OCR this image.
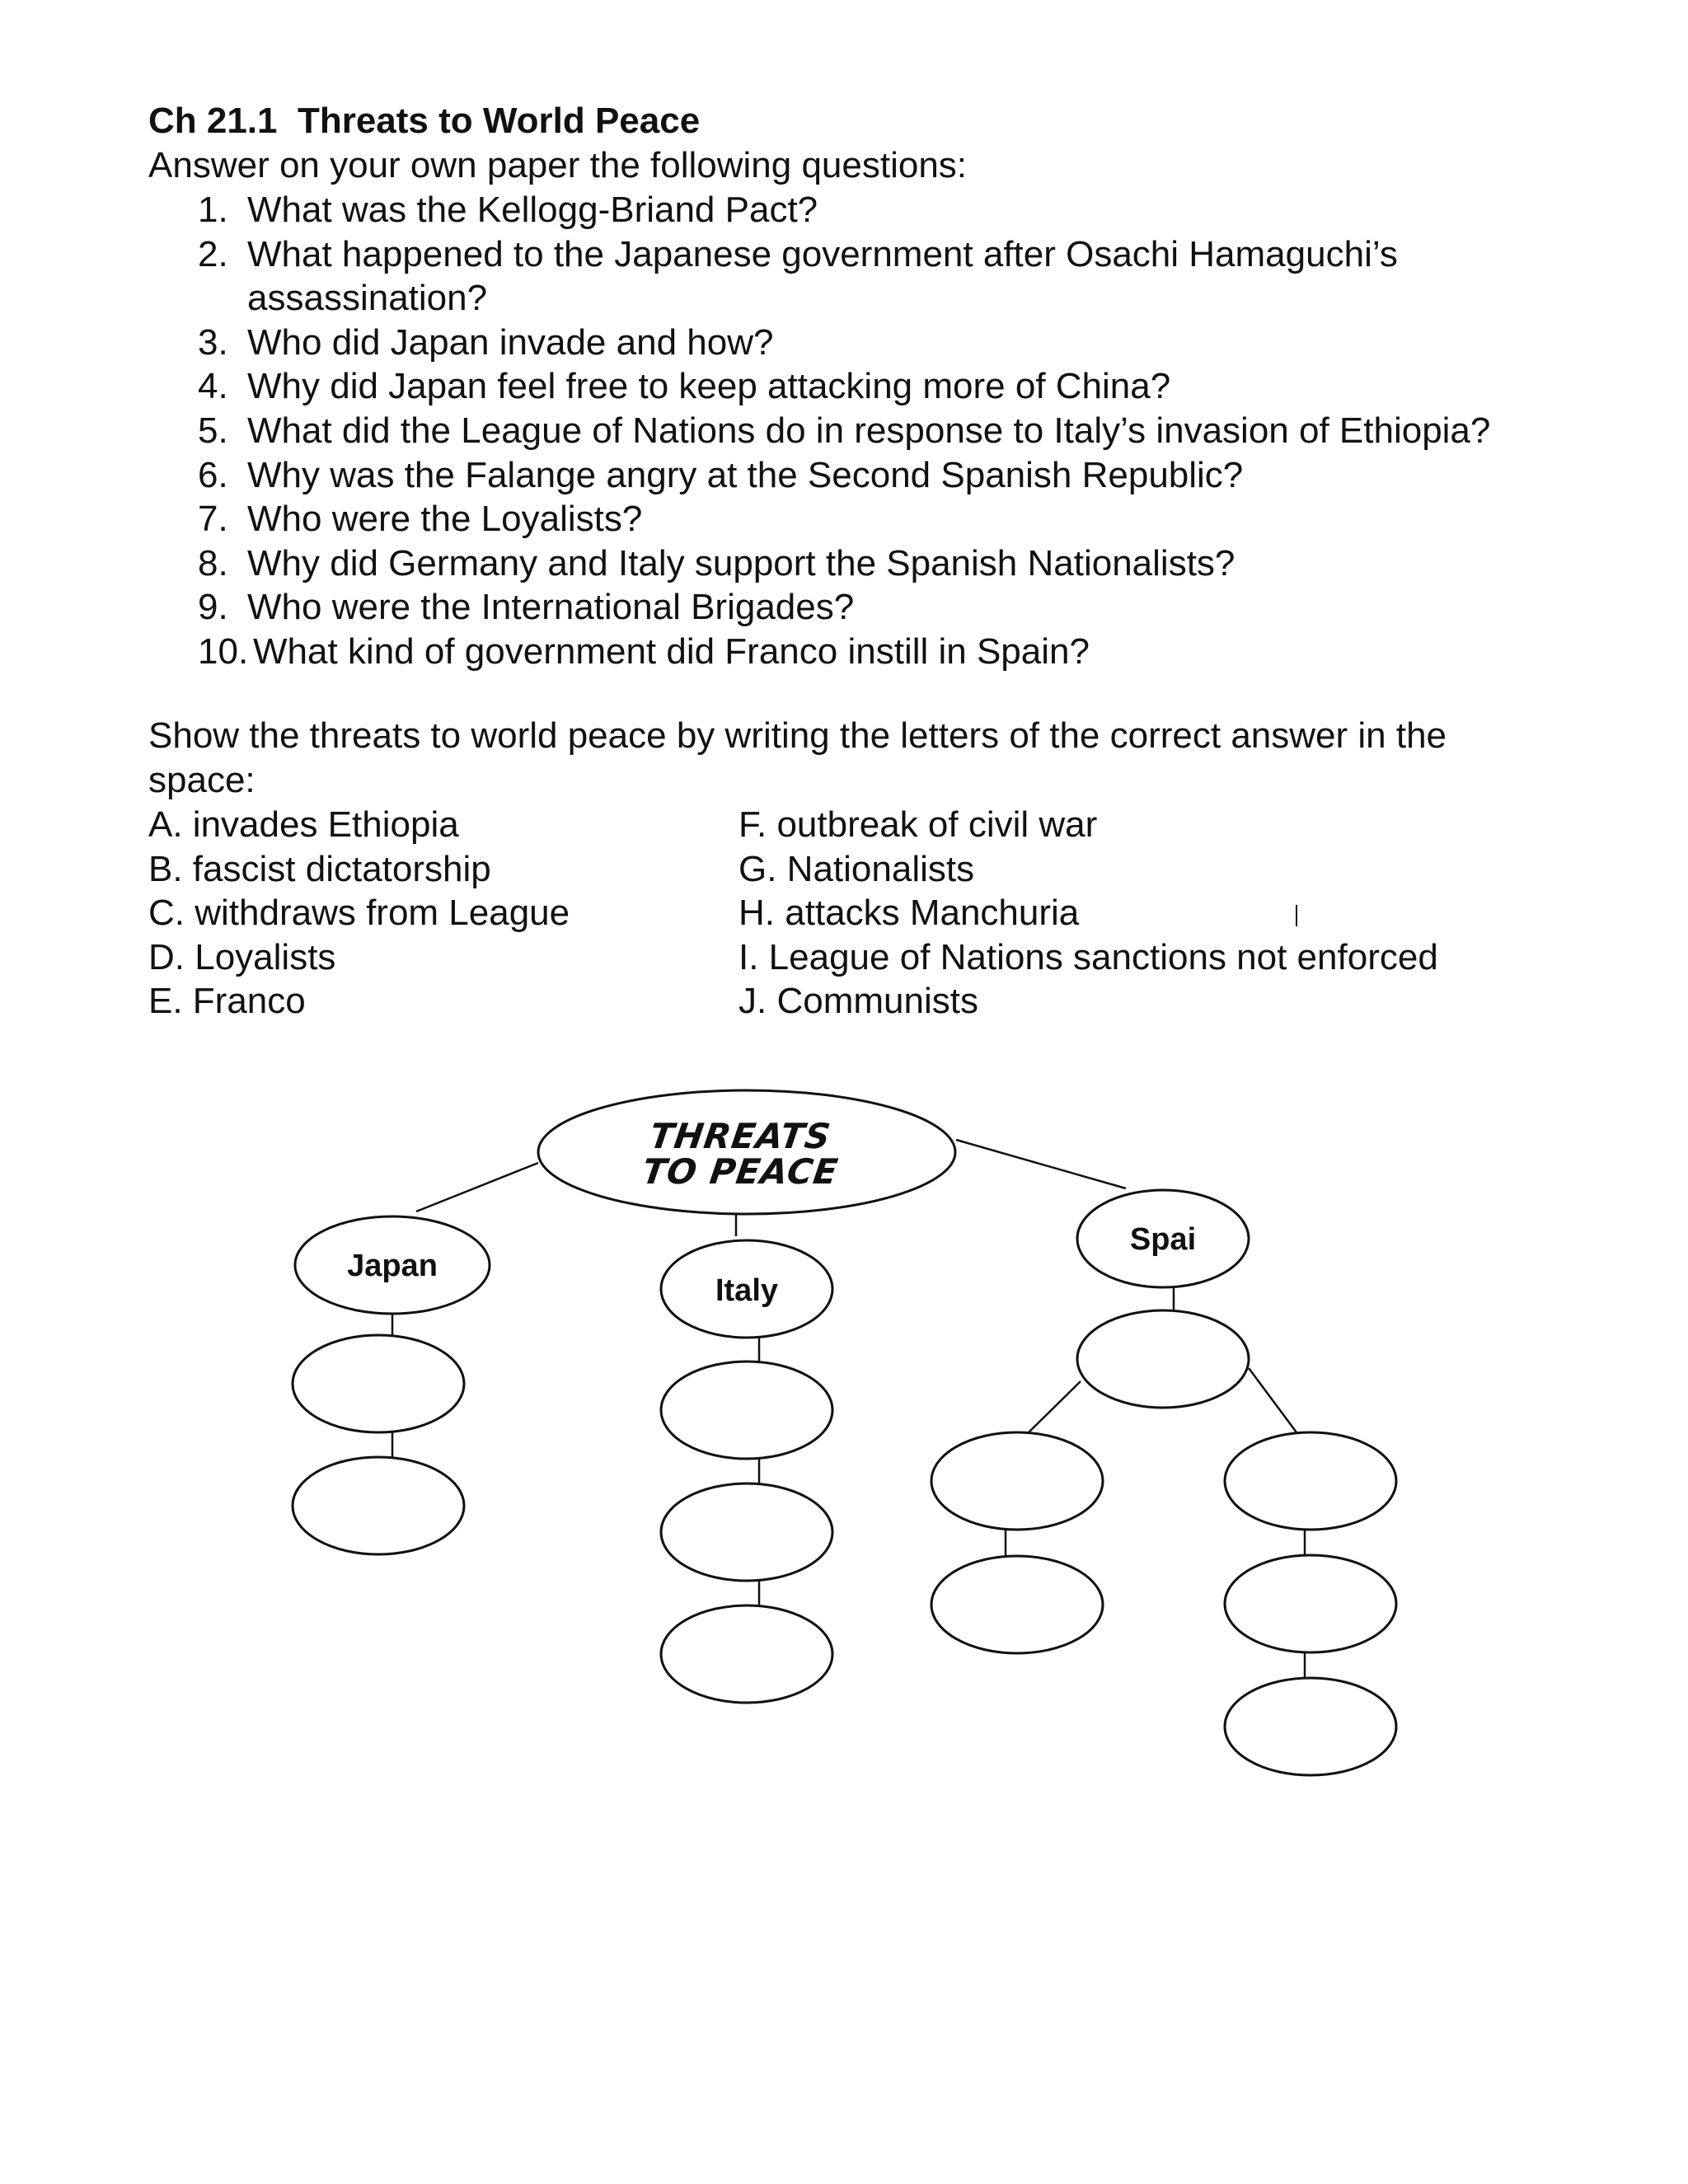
Ch 21.1  Threats to World Peace
Answer on your own paper the following questions:
1. What was the Kellogg-Briand Pact?
2. What happened to the Japanese government after Osachi Hamaguchi’s
assassination?
3. Who did Japan invade and how?
4. Why did Japan feel free to keep attacking more of China?
5. What did the League of Nations do in response to Italy’s invasion of Ethiopia?
6. Why was the Falange angry at the Second Spanish Republic?
7. Who were the Loyalists?
8. Why did Germany and Italy support the Spanish Nationalists?
9. Who were the International Brigades?
10. What kind of government did Franco instill in Spain?
Show the threats to world peace by writing the letters of the correct answer in the space:
A. invades Ethiopia
B. fascist dictatorship
C. withdraws from League
D. Loyalists
E. Franco
F. outbreak of civil war
G. Nationalists
H. attacks Manchuria
I. League of Nations sanctions not enforced
J. Communists
THREATS
TO PEACE
Japan
Italy
Spai
